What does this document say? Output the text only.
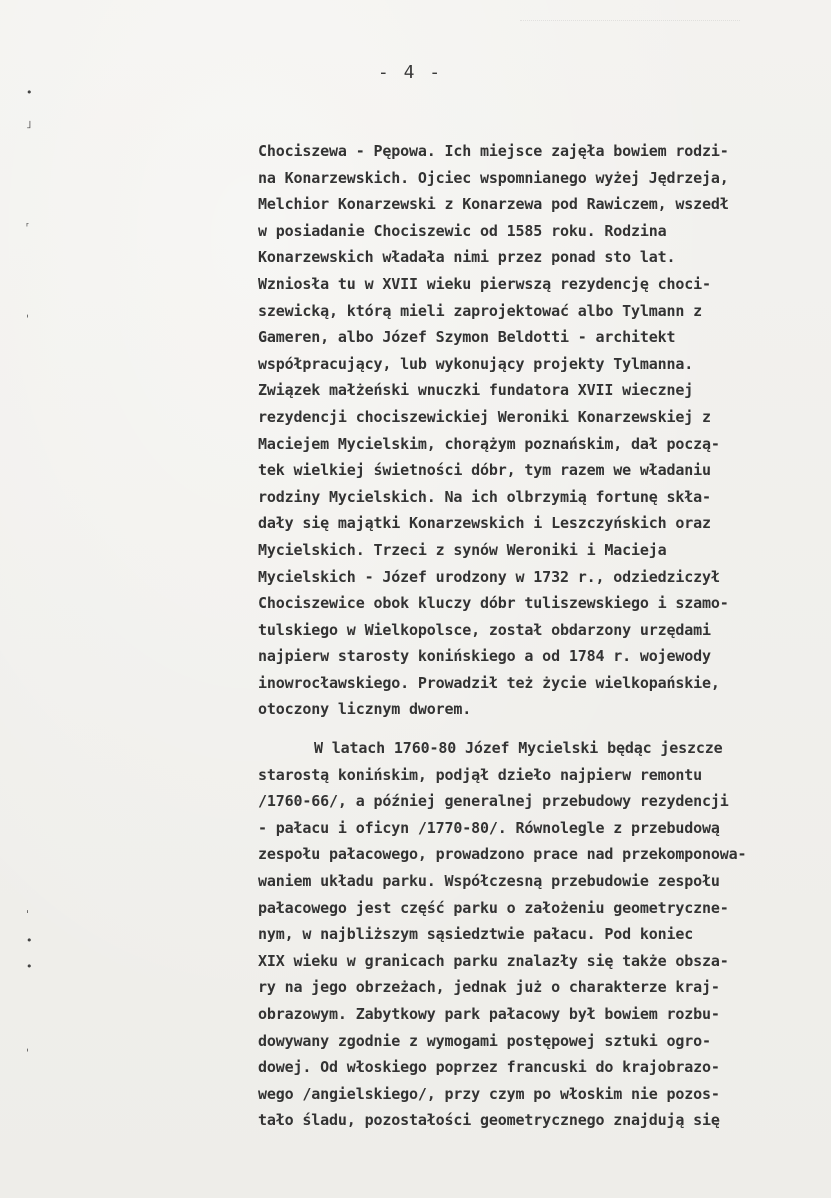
- 4 -
•
˩
ʳ
ˌ
•
ˈ
•
ˌ
Chociszewa - Pępowa. Ich miejsce zajęła bowiem rodzi-
na Konarzewskich. Ojciec wspomnianego wyżej Jędrzeja,
Melchior Konarzewski z Konarzewa pod Rawiczem, wszedł
w posiadanie Chociszewic od 1585 roku. Rodzina
Konarzewskich władała nimi przez ponad sto lat.
Wzniosła tu w XVII wieku pierwszą rezydencję choci-
szewicką, którą mieli zaprojektować albo Tylmann z
Gameren, albo Józef Szymon Beldotti - architekt
współpracujący, lub wykonujący projekty Tylmanna.
Związek małżeński wnuczki fundatora XVII wiecznej
rezydencji chociszewickiej Weroniki Konarzewskiej z
Maciejem Mycielskim, chorążym poznańskim, dał począ-
tek wielkiej świetności dóbr, tym razem we władaniu
rodziny Mycielskich. Na ich olbrzymią fortunę skła-
dały się majątki Konarzewskich i Leszczyńskich oraz
Mycielskich. Trzeci z synów Weroniki i Macieja
Mycielskich - Józef urodzony w 1732 r., odziedziczył
Chociszewice obok kluczy dóbr tuliszewskiego i szamo-
tulskiego w Wielkopolsce, został obdarzony urzędami
najpierw starosty konińskiego a od 1784 r. wojewody
inowrocławskiego. Prowadził też życie wielkopańskie,
otoczony licznym dworem.
W latach 1760-80 Józef Mycielski będąc jeszcze
starostą konińskim, podjął dzieło najpierw remontu
/1760-66/, a później generalnej przebudowy rezydencji
- pałacu i oficyn /1770-80/. Równolegle z przebudową
zespołu pałacowego, prowadzono prace nad przekomponowa-
waniem układu parku. Współczesną przebudowie zespołu
pałacowego jest część parku o założeniu geometryczne-
nym, w najbliższym sąsiedztwie pałacu. Pod koniec
XIX wieku w granicach parku znalazły się także obsza-
ry na jego obrzeżach, jednak już o charakterze kraj-
obrazowym. Zabytkowy park pałacowy był bowiem rozbu-
dowywany zgodnie z wymogami postępowej sztuki ogro-
dowej. Od włoskiego poprzez francuski do krajobrazo-
wego /angielskiego/, przy czym po włoskim nie pozos-
tało śladu, pozostałości geometrycznego znajdują się
